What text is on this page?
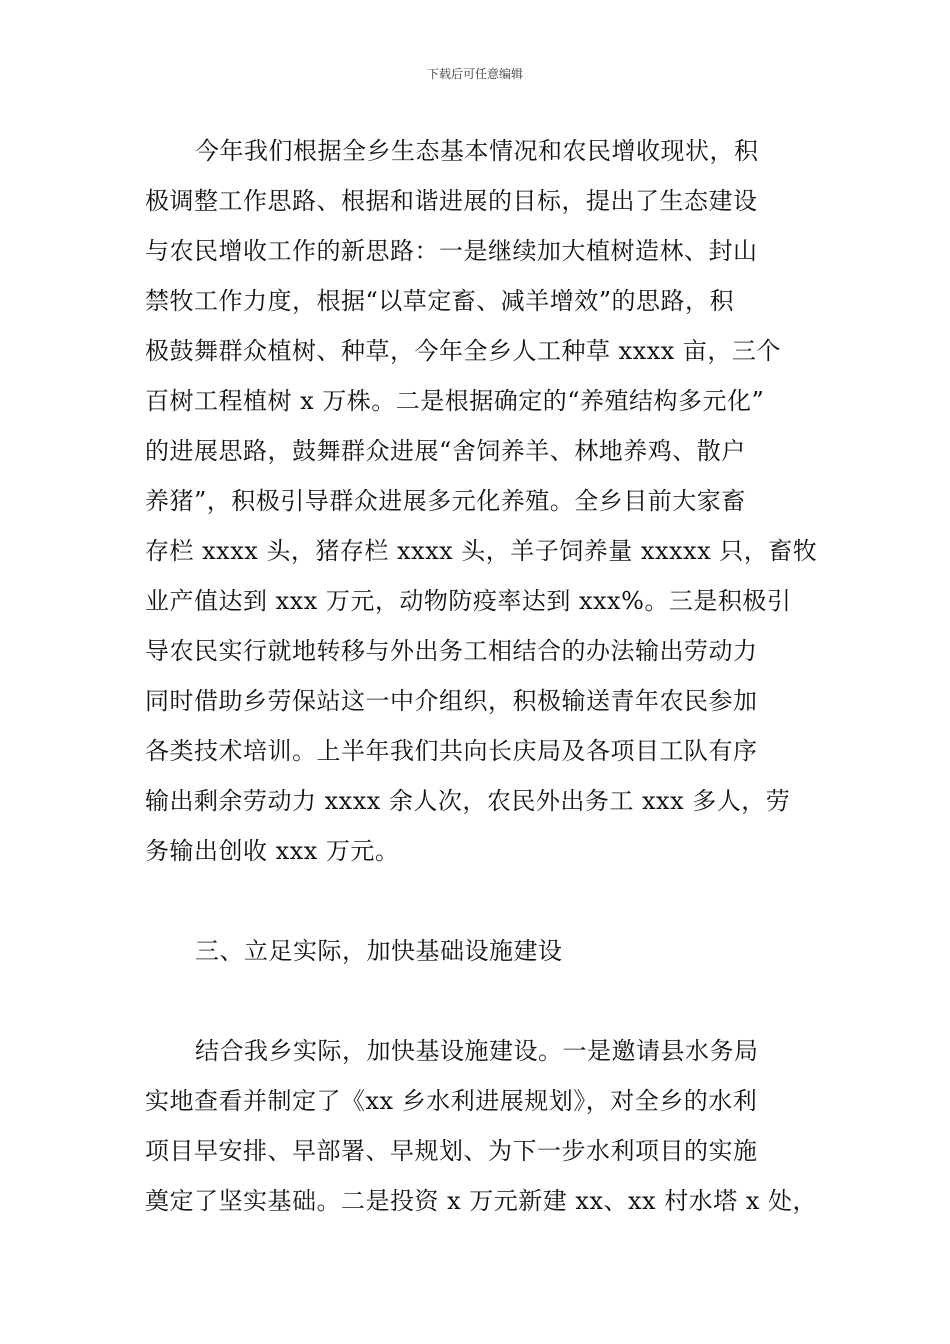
下载后可任意编辑
今年我们根据全乡生态基本情况和农民增收现状，积
极调整工作思路、根据和谐进展的目标，提出了生态建设
与农民增收工作的新思路：一是继续加大植树造林、封山
禁牧工作力度，根据“以草定畜、减羊增效”的思路，积
极鼓舞群众植树、种草，今年全乡人工种草 xxxx 亩，三个
百树工程植树 x 万株。二是根据确定的“养殖结构多元化”
的进展思路，鼓舞群众进展“舍饲养羊、林地养鸡、散户
养猪”，积极引导群众进展多元化养殖。全乡目前大家畜
存栏 xxxx 头，猪存栏 xxxx 头，羊子饲养量 xxxxx 只，畜牧
业产值达到 xxx 万元，动物防疫率达到 xxx%。三是积极引
导农民实行就地转移与外出务工相结合的办法输出劳动力
同时借助乡劳保站这一中介组织，积极输送青年农民参加
各类技术培训。上半年我们共向长庆局及各项目工队有序
输出剩余劳动力 xxxx 余人次，农民外出务工 xxx 多人，劳
务输出创收 xxx 万元。
三、立足实际，加快基础设施建设
结合我乡实际，加快基设施建设。一是邀请县水务局
实地查看并制定了《xx 乡水利进展规划》，对全乡的水利
项目早安排、早部署、早规划、为下一步水利项目的实施
奠定了坚实基础。二是投资 x 万元新建 xx、xx 村水塔 x 处，
